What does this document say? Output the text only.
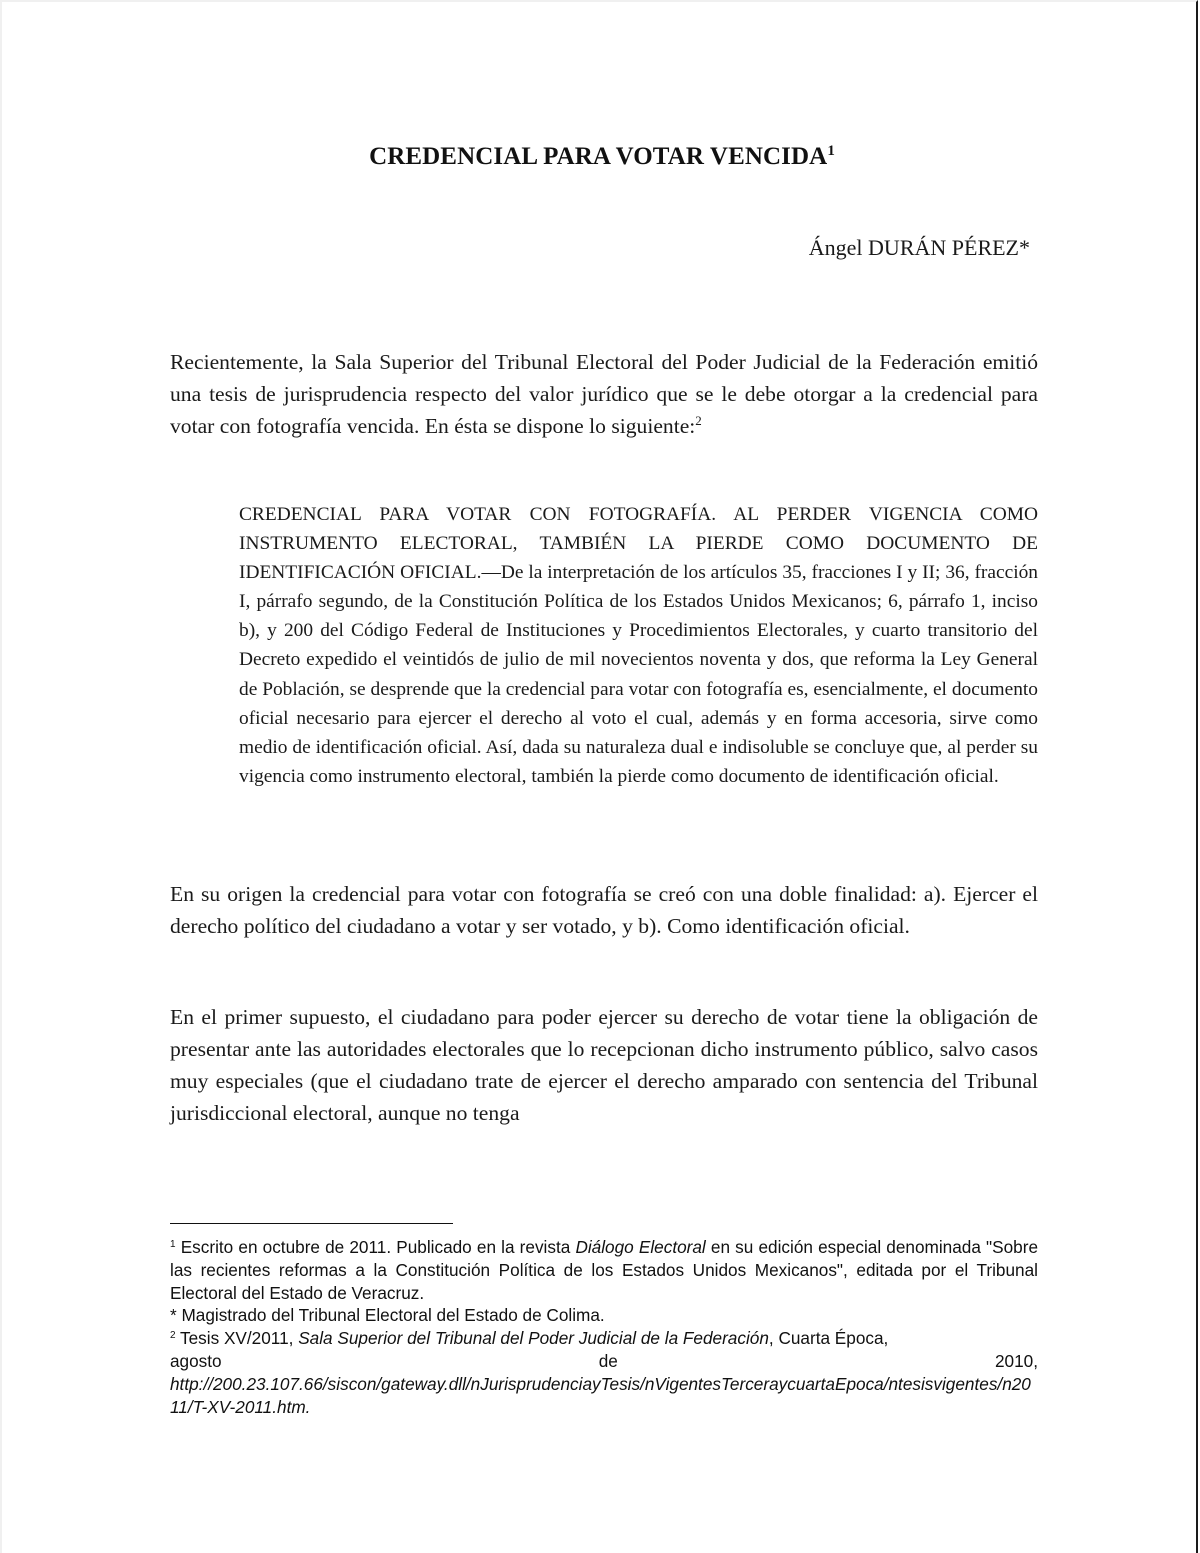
CREDENCIAL PARA VOTAR VENCIDA$^1$
Ángel DURÁN PÉREZ*

Recientemente, la Sala Superior del Tribunal Electoral del Poder Judicial de la Federación emitió una tesis de jurisprudencia respecto del valor jurídico que se le debe otorgar a la credencial para votar con fotografía vencida. En ésta se dispone lo siguiente:$^2$

CREDENCIAL PARA VOTAR CON FOTOGRAFÍA. AL PERDER VIGENCIA COMO INSTRUMENTO ELECTORAL, TAMBIÉN LA PIERDE COMO DOCUMENTO DE IDENTIFICACIÓN OFICIAL.—De la interpretación de los artículos 35, fracciones I y II; 36, fracción I, párrafo segundo, de la Constitución Política de los Estados Unidos Mexicanos; 6, párrafo 1, inciso b), y 200 del Código Federal de Instituciones y Procedimientos Electorales, y cuarto transitorio del Decreto expedido el veintidós de julio de mil novecientos noventa y dos, que reforma la Ley General de Población, se desprende que la credencial para votar con fotografía es, esencialmente, el documento oficial necesario para ejercer el derecho al voto el cual, además y en forma accesoria, sirve como medio de identificación oficial. Así, dada su naturaleza dual e indisoluble se concluye que, al perder su vigencia como instrumento electoral, también la pierde como documento de identificación oficial.

En su origen la credencial para votar con fotografía se creó con una doble finalidad: a). Ejercer el derecho político del ciudadano a votar y ser votado, y b). Como identificación oficial.

En el primer supuesto, el ciudadano para poder ejercer su derecho de votar tiene la obligación de presentar ante las autoridades electorales que lo recepcionan dicho instrumento público, salvo casos muy especiales (que el ciudadano trate de ejercer el derecho amparado con sentencia del Tribunal jurisdiccional electoral, aunque no tenga

$^1$ Escrito en octubre de 2011. Publicado en la revista Diálogo Electoral en su edición especial denominada "Sobre las recientes reformas a la Constitución Política de los Estados Unidos Mexicanos", editada por el Tribunal Electoral del Estado de Veracruz.

* Magistrado del Tribunal Electoral del Estado de Colima.

$^2$ Tesis XV/2011, Sala Superior del Tribunal del Poder Judicial de la Federación, Cuarta Época,

agosto	de	2010,

http://200.23.107.66/siscon/gateway.dll/nJurisprudenciayTesis/nVigentesTerceraycuartaEpoca/ntesisvigentes/n2011/T-XV-2011.htm.
